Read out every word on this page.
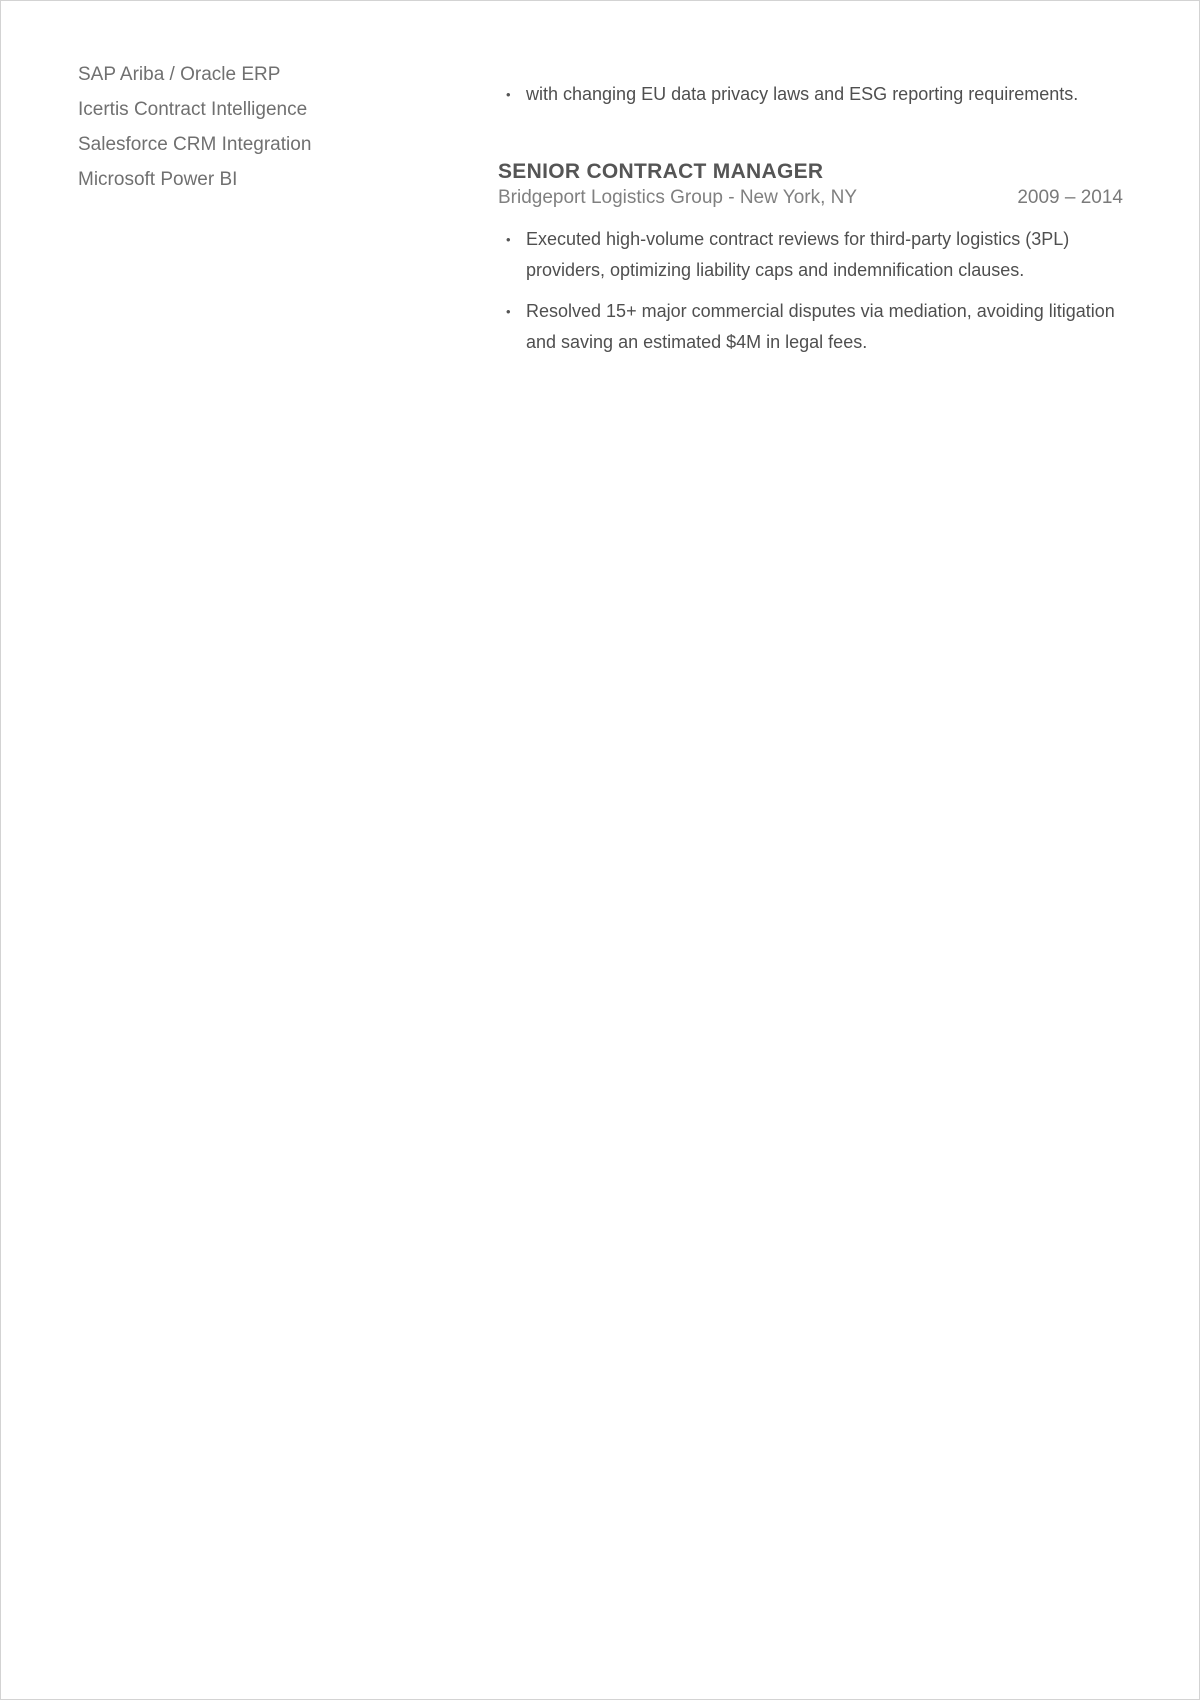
SAP Ariba / Oracle ERP
Icertis Contract Intelligence
Salesforce CRM Integration
Microsoft Power BI
• with changing EU data privacy laws and ESG reporting requirements.
SENIOR CONTRACT MANAGER
Bridgeport Logistics Group - New York, NY	2009 – 2014
• Executed high-volume contract reviews for third-party logistics (3PL) providers, optimizing liability caps and indemnification clauses.
• Resolved 15+ major commercial disputes via mediation, avoiding litigation and saving an estimated $4M in legal fees.
